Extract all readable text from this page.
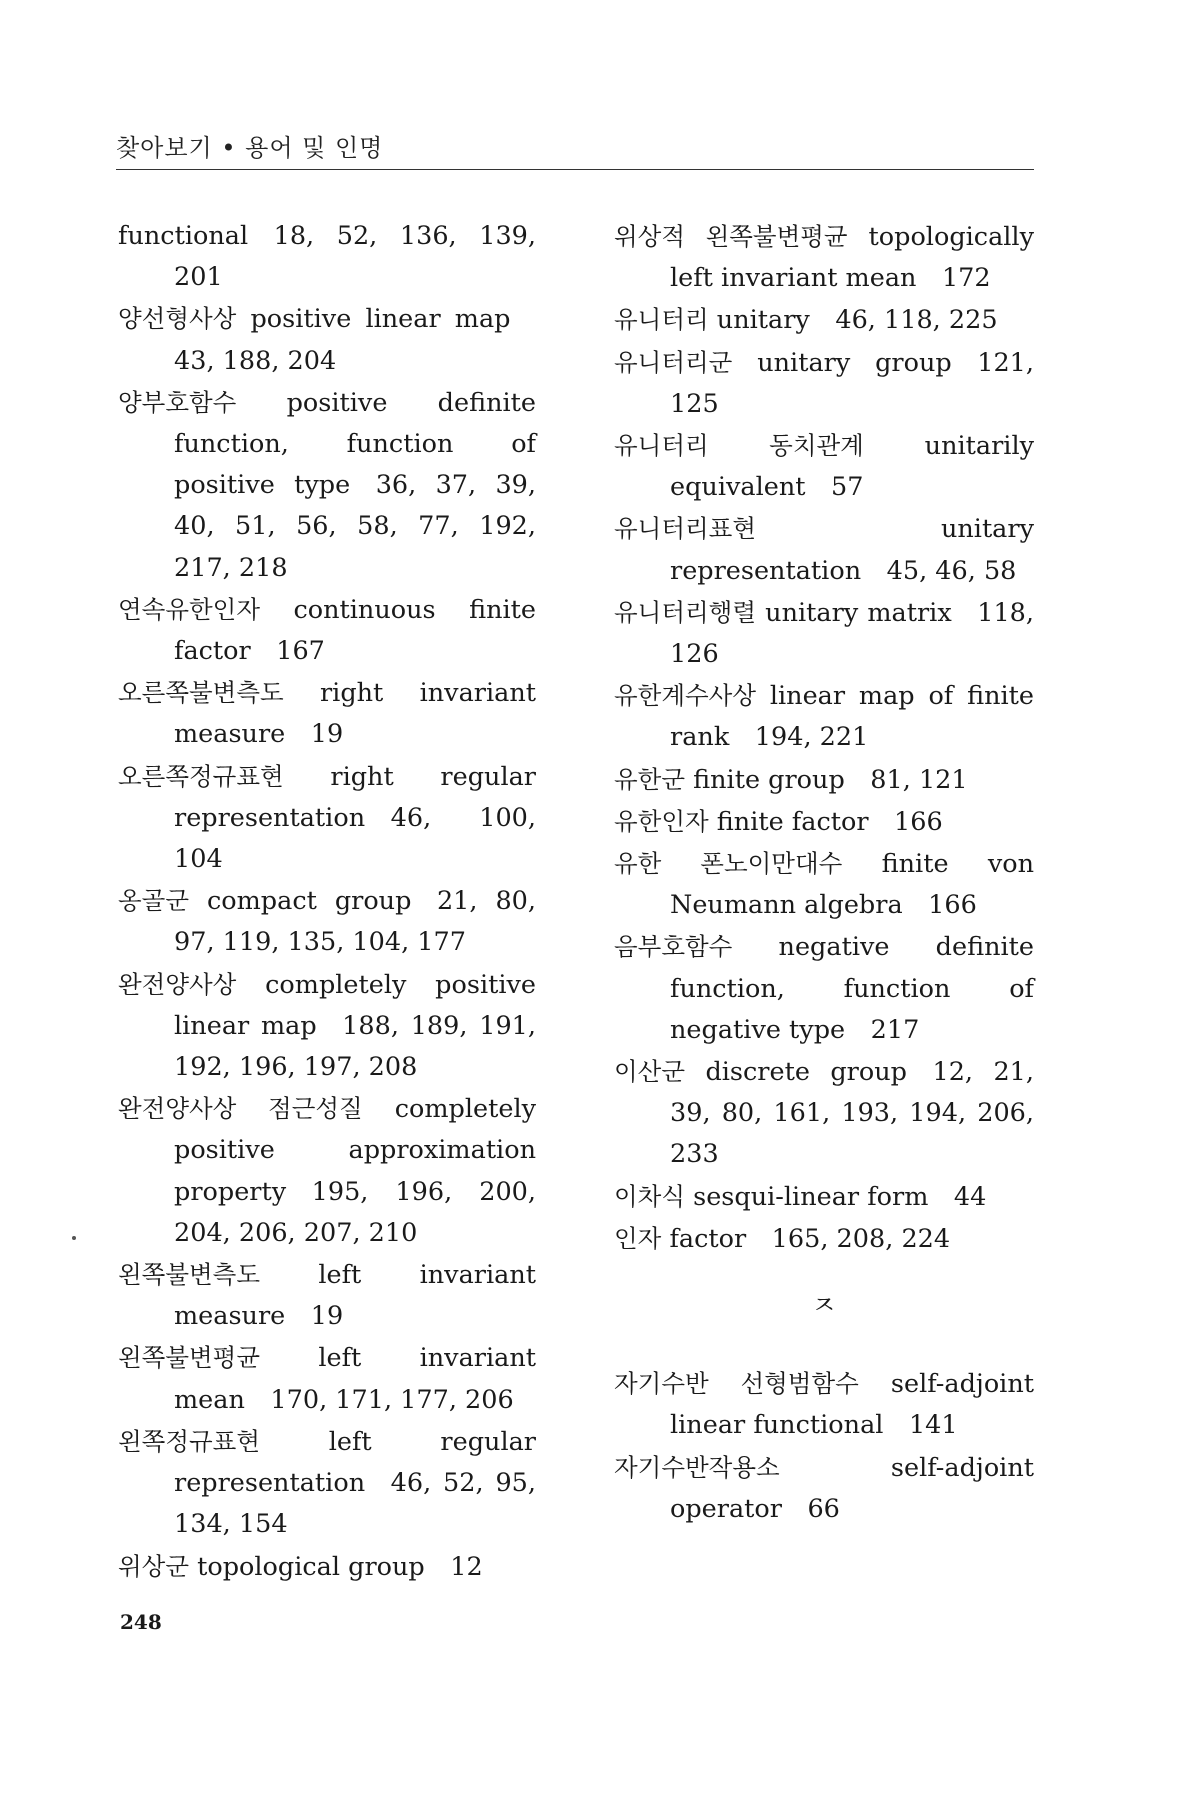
찾아보기 • 용어 및 인명

functional  18, 52, 136, 139, 201

양선형사상 positive linear map 43, 188, 204

양부호함수 positive definite function, function of positive type  36, 37, 39, 40, 51, 56, 58, 77, 192, 217, 218

연속유한인자 continuous finite factor  167

오른쪽불변측도 right invariant measure  19

오른쪽정규표현 right regular representation  46, 100, 104

옹골군 compact group  21, 80, 97, 119, 135, 104, 177

완전양사상 completely positive linear map  188, 189, 191, 192, 196, 197, 208

완전양사상 점근성질 completely positive approximation property  195, 196, 200, 204, 206, 207, 210

왼쪽불변측도 left invariant measure  19

왼쪽불변평균 left invariant mean  170, 171, 177, 206

왼쪽정규표현	left regular representation  46, 52, 95, 134, 154

위상군 topological group  12

위상적 왼쪽불변평균 topologically left invariant mean  172

유니터리 unitary  46, 118, 225

유니터리군 unitary group  121, 125

유니터리 동치관계 unitarily equivalent  57

유니터리표현	unitary representation  45, 46, 58

유니터리행렬 unitary matrix  118, 126

유한계수사상 linear map of finite rank  194, 221

유한군 finite group  81, 121

유한인자 finite factor  166

유한 폰노이만대수 finite von Neumann algebra  166

음부호함수 negative definite function, function of negative type  217

이산군 discrete group  12, 21, 39, 80, 161, 193, 194, 206, 233

이차식 sesqui-linear form  44

인자 factor  165, 208, 224

ㅈ

자기수반 선형범함수 self-adjoint linear functional  141

자기수반작용소	self-adjoint operator  66

248
